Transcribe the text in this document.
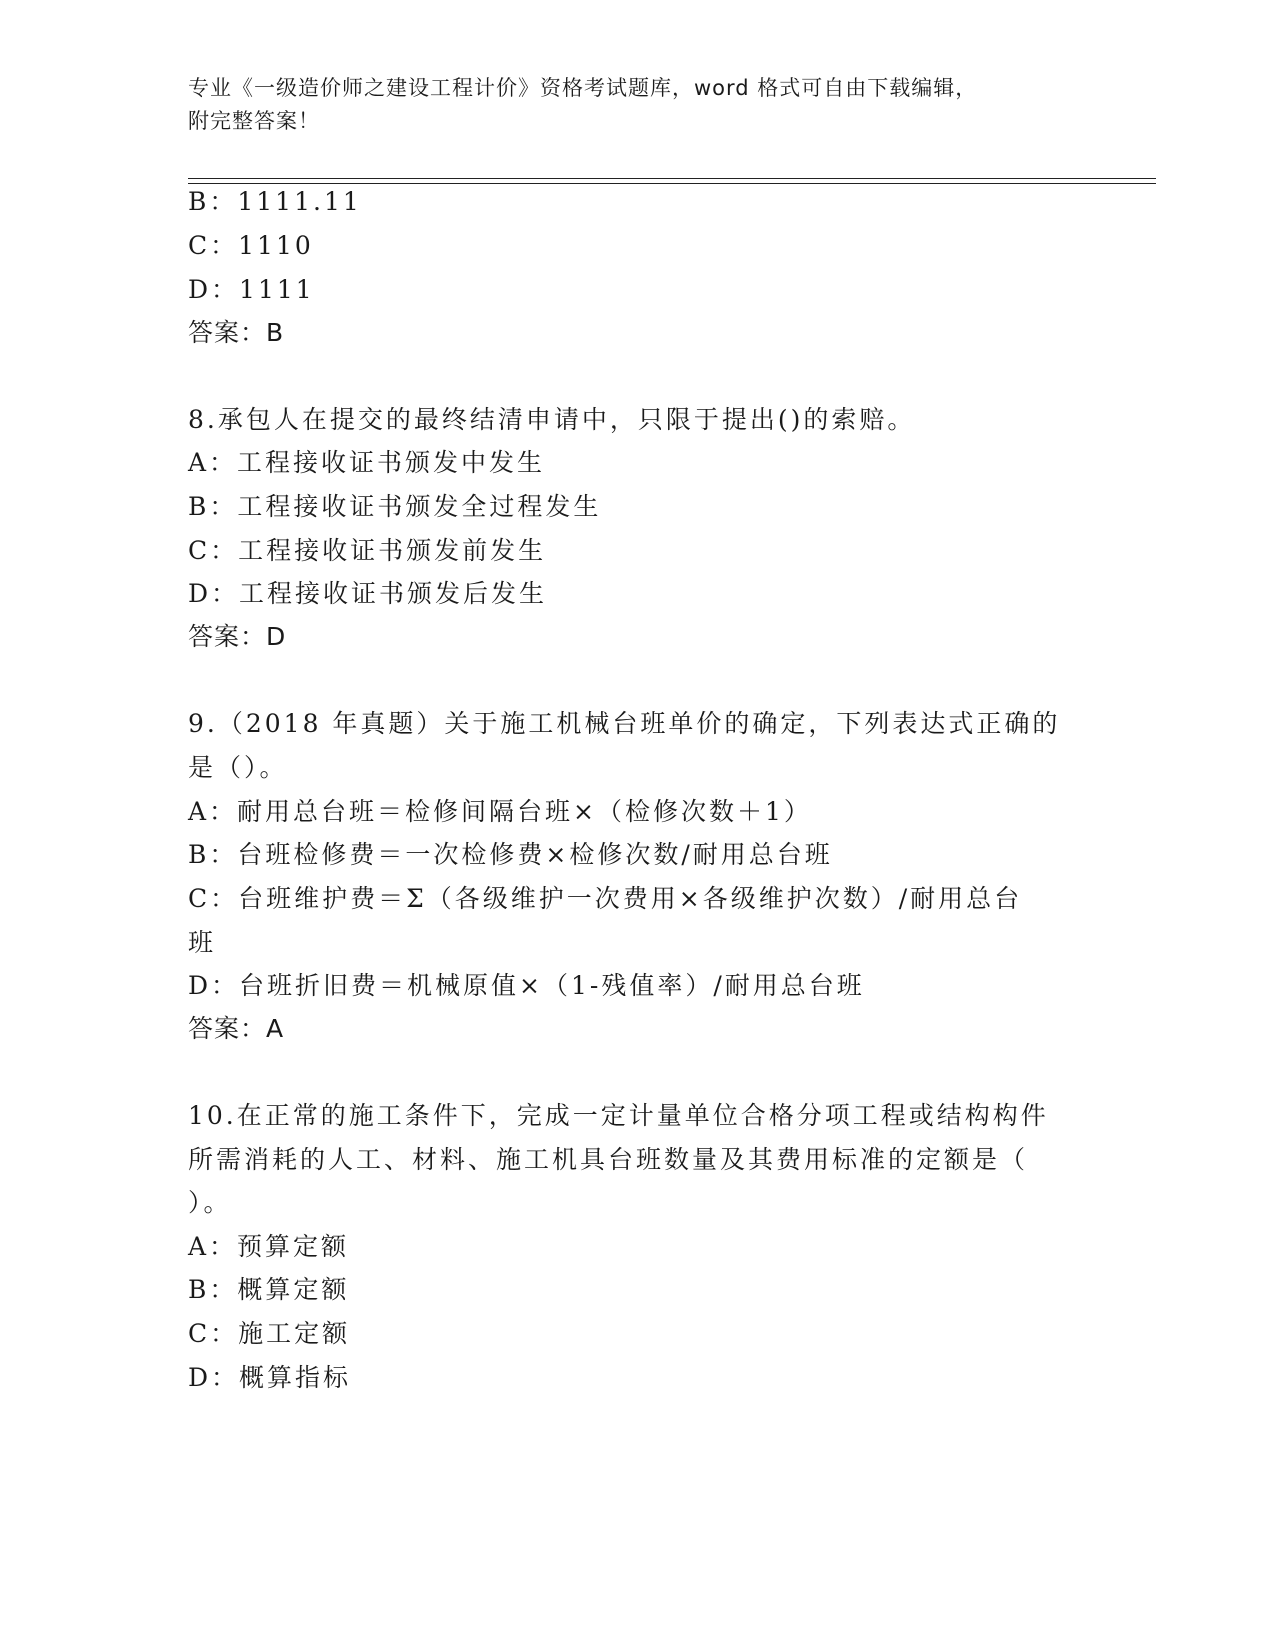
专业《一级造价师之建设工程计价》资格考试题库，word 格式可自由下载编辑，
附完整答案！
B：1111.11
C：1110
D：1111
答案：B
8.承包人在提交的最终结清申请中，只限于提出()的索赔。
A：工程接收证书颁发中发生
B：工程接收证书颁发全过程发生
C：工程接收证书颁发前发生
D：工程接收证书颁发后发生
答案：D
9.（2018 年真题）关于施工机械台班单价的确定，下列表达式正确的
是（）。
A：耐用总台班＝检修间隔台班×（检修次数＋1）
B：台班检修费＝一次检修费×检修次数/耐用总台班
C：台班维护费＝Σ（各级维护一次费用×各级维护次数）/耐用总台
班
D：台班折旧费＝机械原值×（1-残值率）/耐用总台班
答案：A
10.在正常的施工条件下，完成一定计量单位合格分项工程或结构构件
所需消耗的人工、材料、施工机具台班数量及其费用标准的定额是（
）。
A：预算定额
B：概算定额
C：施工定额
D：概算指标
